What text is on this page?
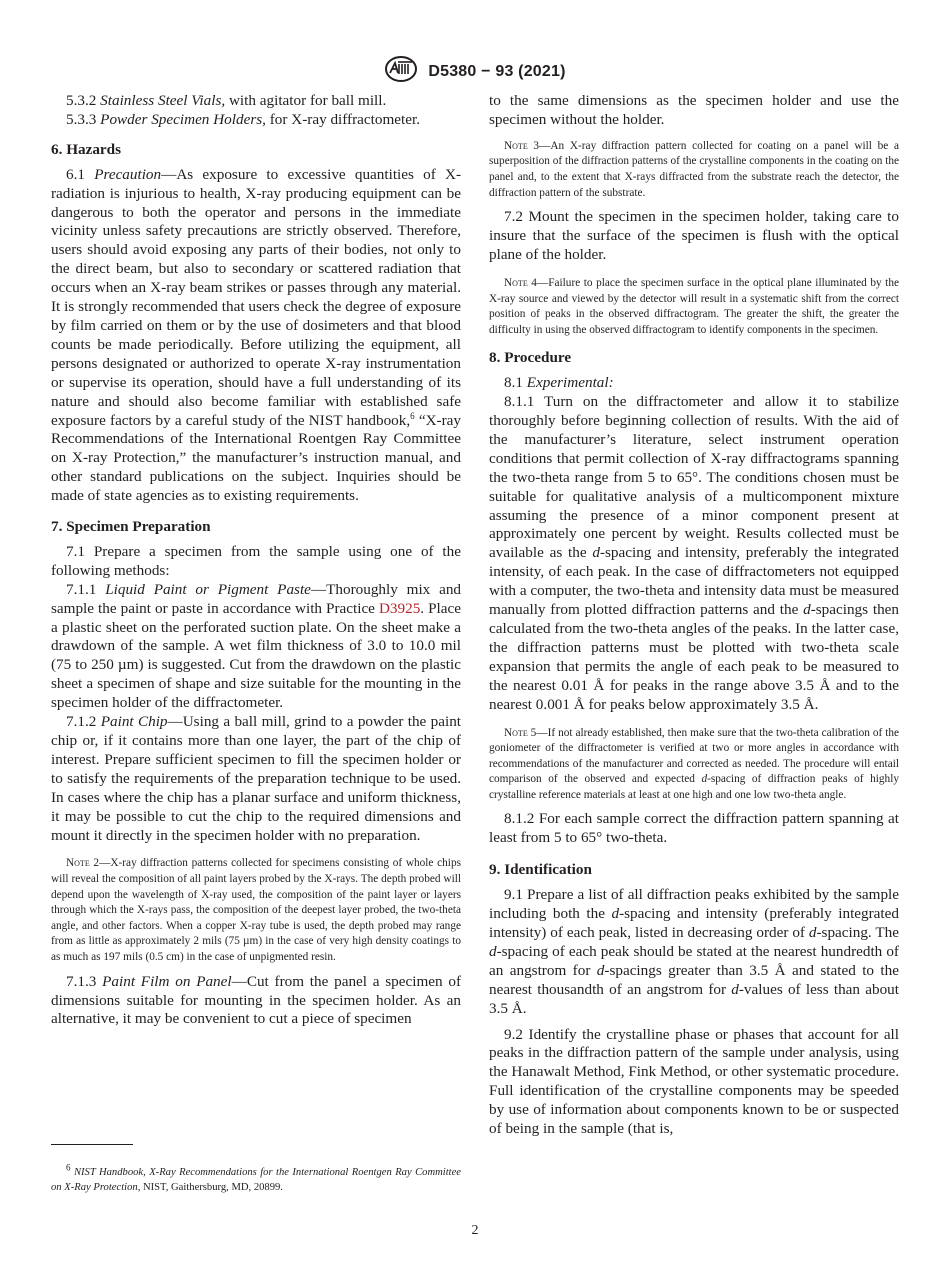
D5380 − 93 (2021)

5.3.2 Stainless Steel Vials, with agitator for ball mill.

5.3.3 Powder Specimen Holders, for X-ray diffractometer.

6. Hazards

6.1 Precaution—As exposure to excessive quantities of X-radiation is injurious to health, X-ray producing equipment can be dangerous to both the operator and persons in the immediate vicinity unless safety precautions are strictly observed. Therefore, users should avoid exposing any parts of their bodies, not only to the direct beam, but also to secondary or scattered radiation that occurs when an X-ray beam strikes or passes through any material. It is strongly recommended that users check the degree of exposure by film carried on them or by the use of dosimeters and that blood counts be made periodically. Before utilizing the equipment, all persons designated or authorized to operate X-ray instrumentation or supervise its operation, should have a full understanding of its nature and should also become familiar with established safe exposure factors by a careful study of the NIST handbook,$^6$ “X-ray Recommendations of the International Roentgen Ray Committee on X-ray Protection,” the manufacturer’s instruction manual, and other standard publications on the subject. Inquiries should be made of state agencies as to existing requirements.

7. Specimen Preparation

7.1 Prepare a specimen from the sample using one of the following methods:

7.1.1 Liquid Paint or Pigment Paste—Thoroughly mix and sample the paint or paste in accordance with Practice D3925. Place a plastic sheet on the perforated suction plate. On the sheet make a drawdown of the sample. A wet film thickness of 3.0 to 10.0 mil (75 to 250 µm) is suggested. Cut from the drawdown on the plastic sheet a specimen of shape and size suitable for the mounting in the specimen holder of the diffractometer.

7.1.2 Paint Chip—Using a ball mill, grind to a powder the paint chip or, if it contains more than one layer, the part of the chip of interest. Prepare sufficient specimen to fill the specimen holder or to satisfy the requirements of the preparation technique to be used. In cases where the chip has a planar surface and uniform thickness, it may be possible to cut the chip to the required dimensions and mount it directly in the specimen holder with no preparation.

Note 2—X-ray diffraction patterns collected for specimens consisting of whole chips will reveal the composition of all paint layers probed by the X-rays. The depth probed will depend upon the wavelength of X-ray used, the composition of the paint layer or layers through which the X-rays pass, the composition of the deepest layer probed, the two-theta angle, and other factors. When a copper X-ray tube is used, the depth probed may range from as little as approximately 2 mils (75 µm) in the case of very high density coatings to as much as 197 mils (0.5 cm) in the case of unpigmented resin.

7.1.3 Paint Film on Panel—Cut from the panel a specimen of dimensions suitable for mounting in the specimen holder. As an alternative, it may be convenient to cut a piece of specimen

to the same dimensions as the specimen holder and use the specimen without the holder.

Note 3—An X-ray diffraction pattern collected for coating on a panel will be a superposition of the diffraction patterns of the crystalline components in the coating on the panel and, to the extent that X-rays diffracted from the substrate reach the detector, the diffraction pattern of the substrate.

7.2 Mount the specimen in the specimen holder, taking care to insure that the surface of the specimen is flush with the optical plane of the holder.

Note 4—Failure to place the specimen surface in the optical plane illuminated by the X-ray source and viewed by the detector will result in a systematic shift from the correct position of peaks in the observed diffractogram. The greater the shift, the greater the difficulty in using the observed diffractogram to identify components in the specimen.
8. Procedure

8.1 Experimental:

8.1.1 Turn on the diffractometer and allow it to stabilize thoroughly before beginning collection of results. With the aid of the manufacturer’s literature, select instrument operation conditions that permit collection of X-ray diffractograms spanning the two-theta range from 5 to 65°. The conditions chosen must be suitable for qualitative analysis of a multicomponent mixture assuming the presence of a minor component present at approximately one percent by weight. Results collected must be available as the d-spacing and intensity, preferably the integrated intensity, of each peak. In the case of diffractometers not equipped with a computer, the two-theta and intensity data must be measured manually from plotted diffraction patterns and the d-spacings then calculated from the two-theta angles of the peaks. In the latter case, the diffraction patterns must be plotted with two-theta scale expansion that permits the angle of each peak to be measured to the nearest 0.01 Å for peaks in the range above 3.5 Å and to the nearest 0.001 Å for peaks below approximately 3.5 Å.

Note 5—If not already established, then make sure that the two-theta calibration of the goniometer of the diffractometer is verified at two or more angles in accordance with recommendations of the manufacturer and corrected as needed. The procedure will entail comparison of the observed and expected d-spacing of diffraction peaks of highly crystalline reference materials at least at one high and one low two-theta angle.

8.1.2 For each sample correct the diffraction pattern spanning at least from 5 to 65° two-theta.

9. Identification

9.1 Prepare a list of all diffraction peaks exhibited by the sample including both the d-spacing and intensity (preferably integrated intensity) of each peak, listed in decreasing order of d-spacing. The d-spacing of each peak should be stated at the nearest hundredth of an angstrom for d-spacings greater than 3.5 Å and stated to the nearest thousandth of an angstrom for d-values of less than about 3.5 Å.

9.2 Identify the crystalline phase or phases that account for all peaks in the diffraction pattern of the sample under analysis, using the Hanawalt Method, Fink Method, or other systematic procedure. Full identification of the crystalline components may be speeded by use of information about components known to be or suspected of being in the sample (that is,

$^6$ NIST Handbook, X-Ray Recommendations for the International Roentgen Ray Committee on X-Ray Protection, NIST, Gaithersburg, MD, 20899.
2
